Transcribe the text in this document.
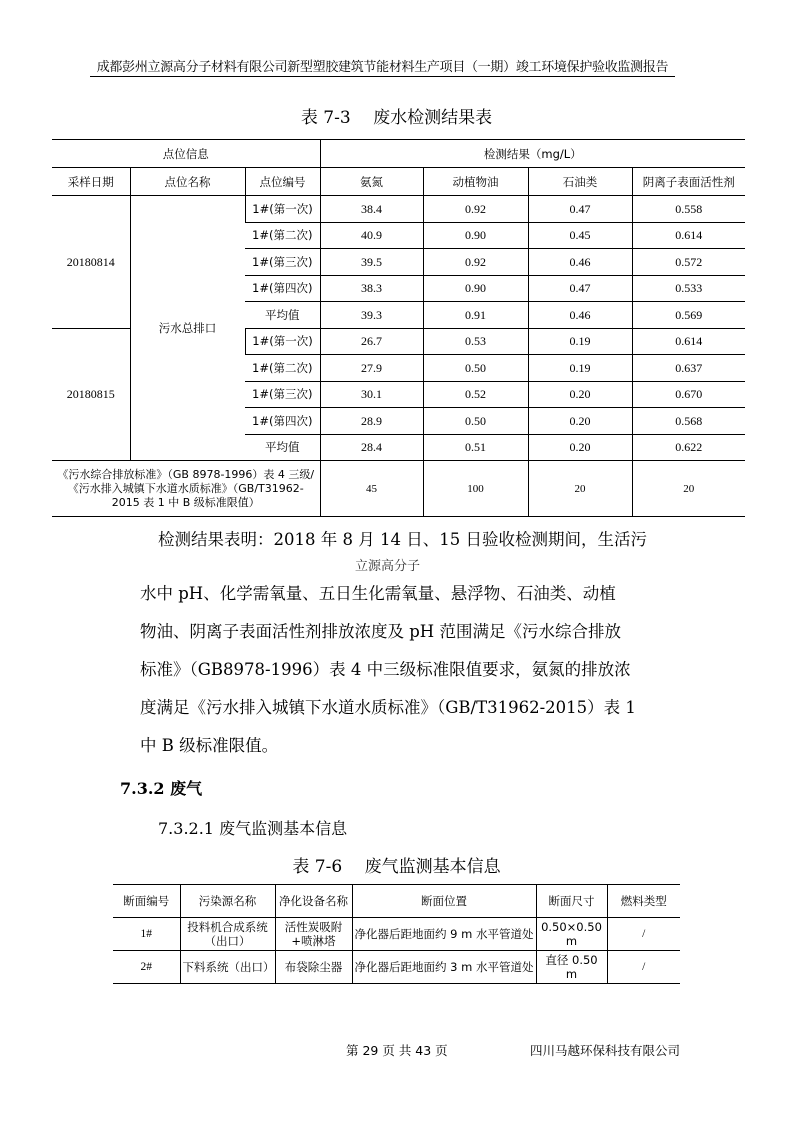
成都彭州立源高分子材料有限公司新型塑胶建筑节能材料生产项目（一期）竣工环境保护验收监测报告
表 7-3　 废水检测结果表
点位信息			检测结果（mg/L）			
采样日期	点位名称	点位编号	氨氮	动植物油	石油类	阴离子表面活性剂
20180814	污水总排口	1#(第一次)	38.4	0.92	0.47	0.558
		1#(第二次)	40.9	0.90	0.45	0.614
		1#(第三次)	39.5	0.92	0.46	0.572
		1#(第四次)	38.3	0.90	0.47	0.533
		平均值	39.3	0.91	0.46	0.569
20180815		1#(第一次)	26.7	0.53	0.19	0.614
		1#(第二次)	27.9	0.50	0.19	0.637
		1#(第三次)	30.1	0.52	0.20	0.670
		1#(第四次)	28.9	0.50	0.20	0.568
		平均值	28.4	0.51	0.20	0.622
《污水综合排放标准》（GB 8978-1996）表 4 三级/《污水排入城镇下水道水质标准》（GB/T31962-2015 表 1 中 B 级标准限值）			45	100	20	20

检测结果表明：2018 年 8 月 14 日、15 日验收检测期间，生活污

立源高分子

水中 pH、化学需氧量、五日生化需氧量、悬浮物、石油类、动植

物油、阴离子表面活性剂排放浓度及 pH 范围满足《污水综合排放

标准》（GB8978-1996）表 4 中三级标准限值要求，氨氮的排放浓

度满足《污水排入城镇下水道水质标准》（GB/T31962-2015）表 1

中 B 级标准限值。

7.3.2 废气
7.3.2.1 废气监测基本信息
表 7-6　 废气监测基本信息
断面编号	污染源名称	净化设备名称	断面位置	断面尺寸	燃料类型
1#	投料机合成系统（出口）	活性炭吸附+喷淋塔	净化器后距地面约 9 m 水平管道处	0.50×0.50 m	/
2#	下料系统（出口）	布袋除尘器	净化器后距地面约 3 m 水平管道处	直径 0.50 m	/
第 29 页 共 43 页	四川马越环保科技有限公司
